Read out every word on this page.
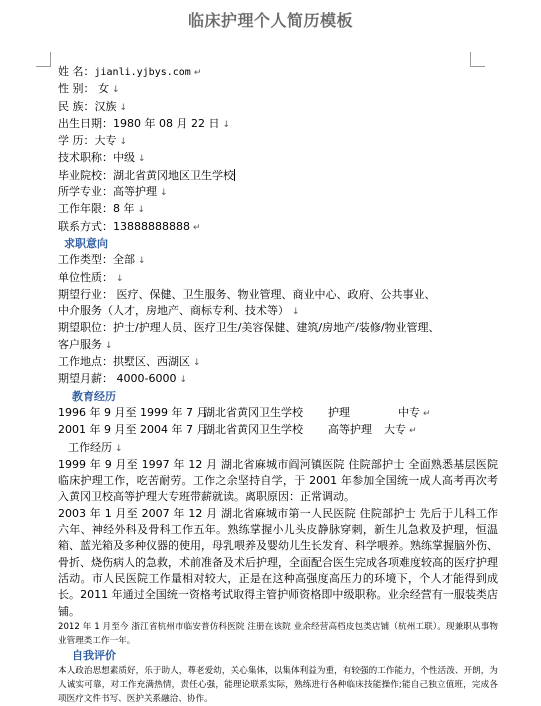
临床护理个人简历模板
姓 名：jianli.yjbys.com ↵
性 别： 女 ↓
民 族：汉族 ↓
出生日期：1980 年 08 月 22 日 ↓
学 历：大专 ↓
技术职称：中级 ↓
毕业院校：湖北省黄冈地区卫生学校
所学专业：高等护理 ↓
工作年限：8 年 ↓
联系方式：13888888888 ↵
求职意向
工作类型：全部 ↓
单位性质： ↓
期望行业： 医疗、保健、卫生服务、物业管理、商业中心、政府、公共事业、
中介服务（人才，房地产、商标专利、技术等） ↓
期望职位：护士/护理人员、医疗卫生/美容保健、建筑/房地产/装修/物业管理、
客户服务 ↓
工作地点：拱墅区、西湖区 ↓
期望月薪： 4000-6000 ↓
教育经历
1996 年 9 月至 1999 年 7 月湖北省黄冈卫生学校 护理	中专 ↵
2001 年 9 月至 2004 年 7 月湖北省黄冈卫生学校 高等护理 大专 ↵
工作经历 ↓
1999 年 9 月至 1997 年 12 月 湖北省麻城市阎河镇医院 住院部护士 全面熟悉基层医院临床护理工作，吃苦耐劳。工作之余坚持自学，于 2001 年参加全国统一成人高考再次考入黄冈卫校高等护理大专班带薪就读。离职原因：正常调动。
2003 年 1 月至 2007 年 12 月 湖北省麻城市第一人民医院 住院部护士 先后于儿科工作六年、神经外科及骨科工作五年。熟练掌握小儿头皮静脉穿刺，新生儿急救及护理，恒温箱、蓝光箱及多种仪器的使用，母乳喂养及婴幼儿生长发育、科学喂养。熟练掌握脑外伤、骨折、烧伤病人的急救，术前准备及术后护理，全面配合医生完成各项难度较高的医疗护理活动。市人民医院工作量相对较大，正是在这种高强度高压力的环境下，个人才能得到成长。2011 年通过全国统一资格考试取得主管护师资格即中级职称。业余经营有一服装类店铺。
2012 年 1 月至今 浙江省杭州市临安普仿科医院 注册在该院 业余经营高档皮包类店铺（杭州工联）。现兼职从事物业管理类工作一年。
自我评价
本人政治思想素质好，乐于助人，尊老爱幼，关心集体，以集体利益为重，有较强的工作能力，个性活泼、开朗，为人诚实可靠，对工作充满热情，责任心强，能理论联系实际，熟练进行各种临床技能操作;能自己独立值班，完成各项医疗文件书写、医护关系融洽、协作。
